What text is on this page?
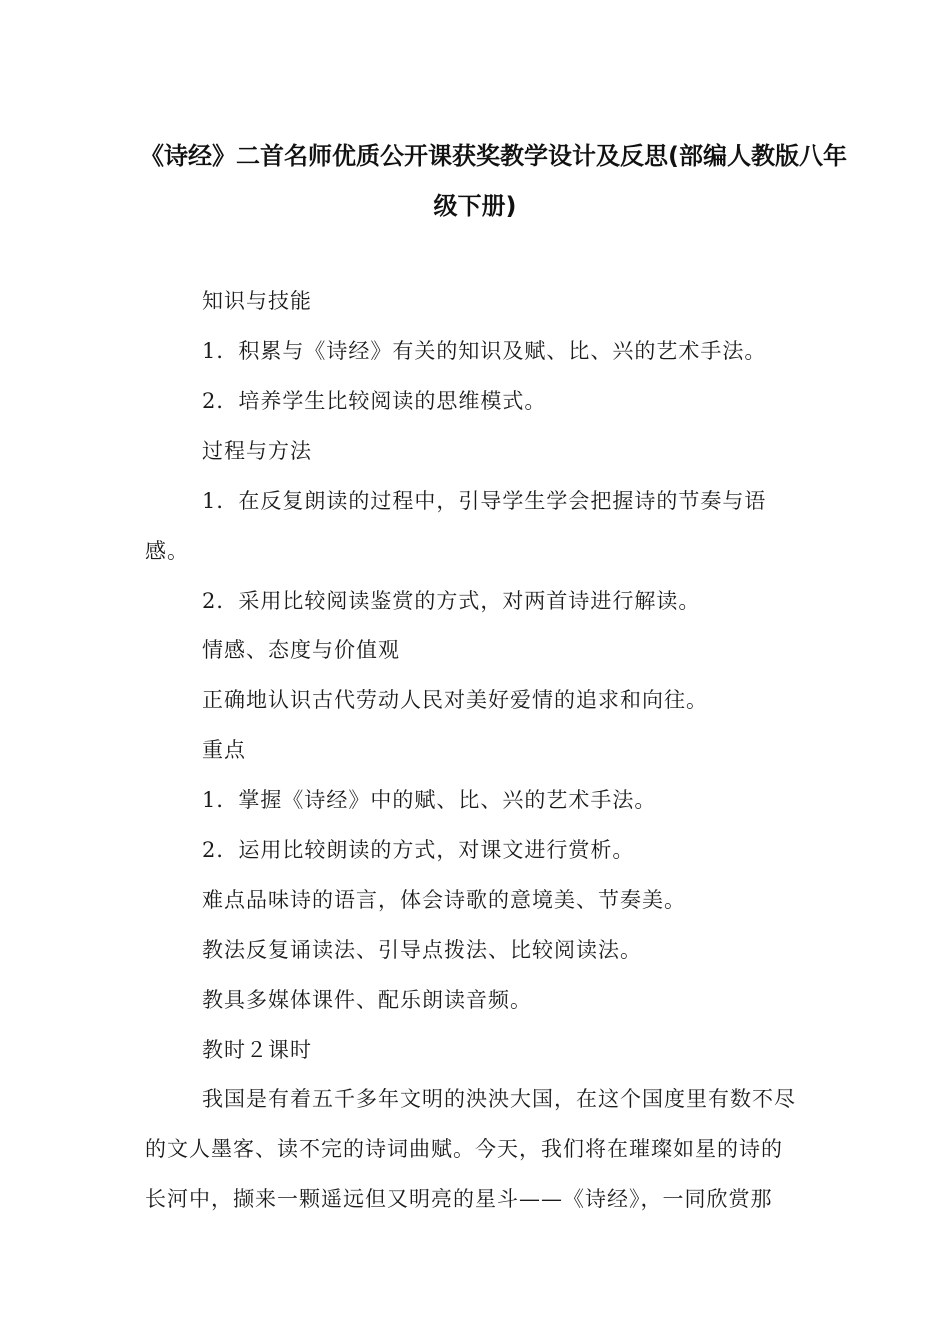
《诗经》二首名师优质公开课获奖教学设计及反思(部编人教版八年
级下册)
知识与技能
1．积累与《诗经》有关的知识及赋、比、兴的艺术手法。
2．培养学生比较阅读的思维模式。
过程与方法
1．在反复朗读的过程中，引导学生学会把握诗的节奏与语
感。
2．采用比较阅读鉴赏的方式，对两首诗进行解读。
情感、态度与价值观
正确地认识古代劳动人民对美好爱情的追求和向往。
重点
1．掌握《诗经》中的赋、比、兴的艺术手法。
2．运用比较朗读的方式，对课文进行赏析。
难点品味诗的语言，体会诗歌的意境美、节奏美。
教法反复诵读法、引导点拨法、比较阅读法。
教具多媒体课件、配乐朗读音频。
教时２课时
我国是有着五千多年文明的泱泱大国，在这个国度里有数不尽
的文人墨客、读不完的诗词曲赋。今天，我们将在璀璨如星的诗的
长河中，撷来一颗遥远但又明亮的星斗——《诗经》，一同欣赏那
